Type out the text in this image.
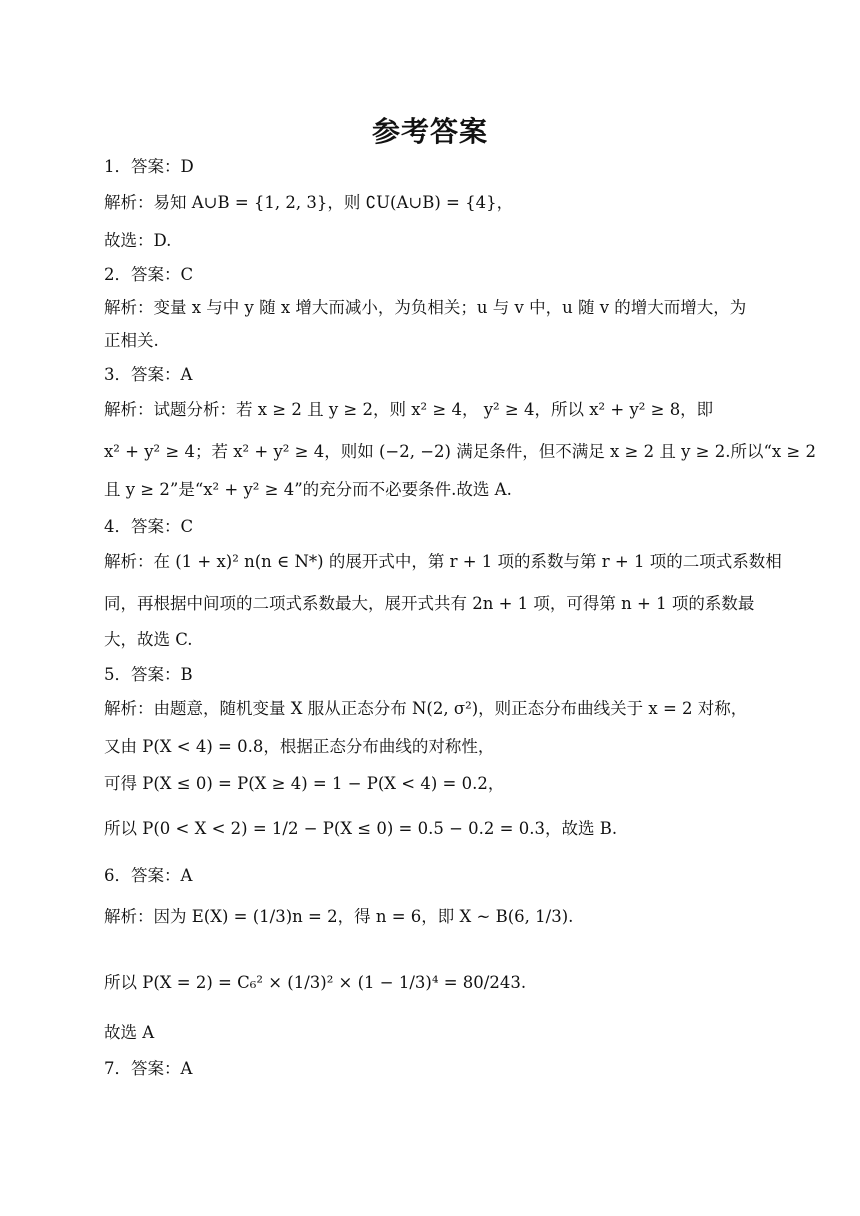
参考答案
1．答案：D
解析：易知 A∪B = {1, 2, 3}，则 ∁U(A∪B) = {4}，
故选：D.
2．答案：C
解析：变量 x 与中 y 随 x 增大而减小，为负相关；u 与 v 中，u 随 v 的增大而增大，为
正相关.
3．答案：A
解析：试题分析：若 x ≥ 2 且 y ≥ 2，则 x² ≥ 4， y² ≥ 4，所以 x² + y² ≥ 8，即
x² + y² ≥ 4；若 x² + y² ≥ 4，则如 (−2, −2) 满足条件，但不满足 x ≥ 2 且 y ≥ 2.所以“x ≥ 2
且 y ≥ 2”是“x² + y² ≥ 4”的充分而不必要条件.故选 A.
4．答案：C
解析：在 (1 + x)² n(n ∈ N*) 的展开式中，第 r + 1 项的系数与第 r + 1 项的二项式系数相
同，再根据中间项的二项式系数最大，展开式共有 2n + 1 项，可得第 n + 1 项的系数最
大，故选 C.
5．答案：B
解析：由题意，随机变量 X 服从正态分布 N(2, σ²)，则正态分布曲线关于 x = 2 对称，
又由 P(X < 4) = 0.8，根据正态分布曲线的对称性，
可得 P(X ≤ 0) = P(X ≥ 4) = 1 − P(X < 4) = 0.2，
所以 P(0 < X < 2) = 1/2 − P(X ≤ 0) = 0.5 − 0.2 = 0.3，故选 B.
6．答案：A
解析：因为 E(X) = (1/3)n = 2，得 n = 6，即 X ~ B(6, 1/3).
所以 P(X = 2) = C₆² × (1/3)² × (1 − 1/3)⁴ = 80/243.
故选 A
7．答案：A
